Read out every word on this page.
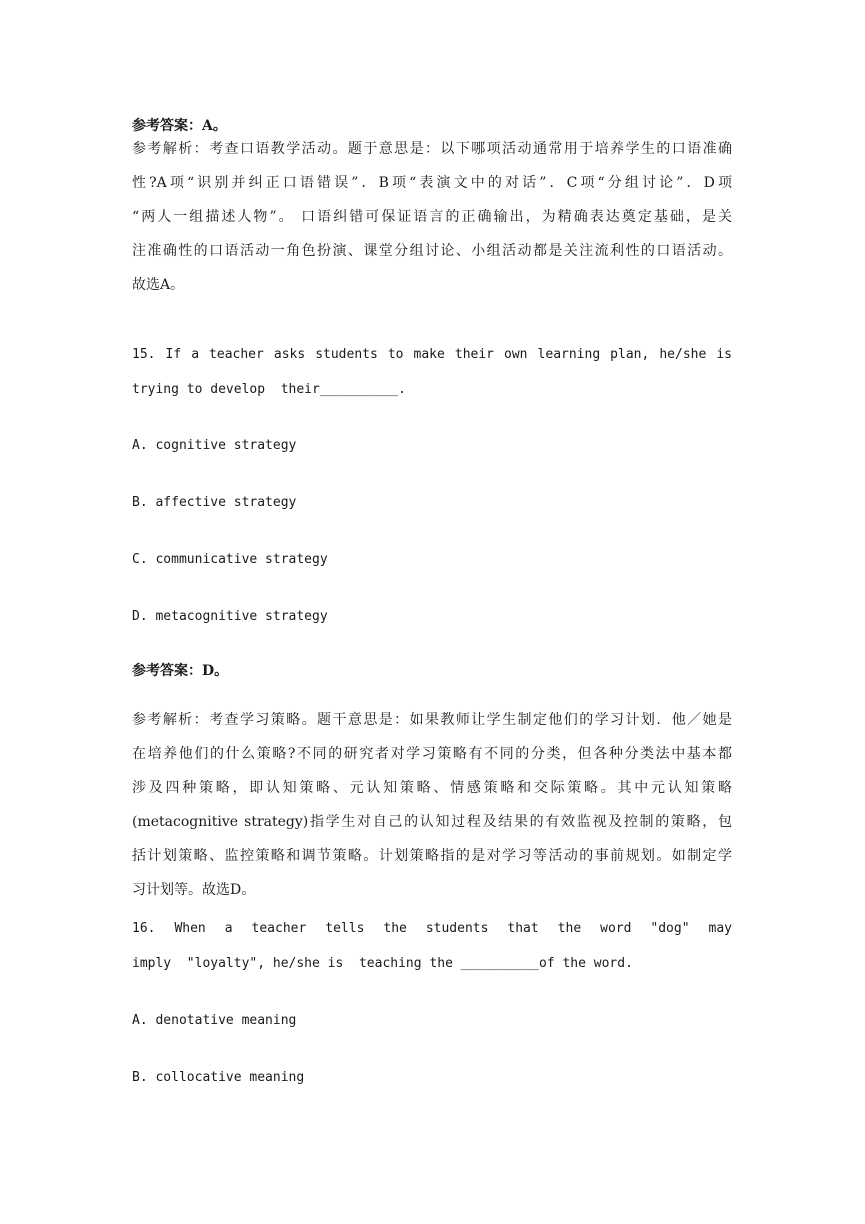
参考答案：A。
参考解析：考查口语教学活动。题于意思是：以下哪项活动通常用于培养学生的口语准确
性?A项“识别并纠正口语错误”．B项“表演文中的对话”．C项“分组讨论”．D项
“两人一组描述人物”。 口语纠错可保证语言的正确输出，为精确表达奠定基础，是关
注准确性的口语活动一角色扮演、课堂分组讨论、小组活动都是关注流利性的口语活动。
故选A。
15. If a teacher asks students to make their own learning plan, he/she is
trying to develop  their__________.
A. cognitive strategy
B. affective strategy
C. communicative strategy
D. metacognitive strategy
参考答案：D。
参考解析：考查学习策略。题干意思是：如果教师让学生制定他们的学习计划．他／她是
在培养他们的什么策略?不同的研究者对学习策略有不同的分类，但各种分类法中基本都
涉及四种策略，即认知策略、元认知策略、情感策略和交际策略。其中元认知策略
(metacognitive strategy)指学生对自己的认知过程及结果的有效监视及控制的策略，包
括计划策略、监控策略和调节策略。计划策略指的是对学习等活动的事前规划。如制定学
习计划等。故选D。
16. When a teacher tells the students that the word "dog" may
imply  "loyalty", he/she is  teaching the __________of the word.
A. denotative meaning
B. collocative meaning
